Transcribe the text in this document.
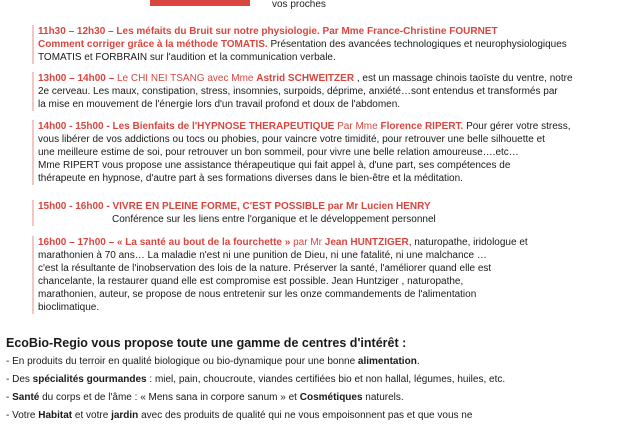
vos proches
11h30 – 12h30 – Les méfaits du Bruit sur notre physiologie. Par Mme France-Christine FOURNET
Comment corriger grâce à la méthode TOMATIS. Présentation des avancées technologiques et neurophysiologiques
TOMATIS et FORBRAIN sur l'audition et la communication verbale.
13h00 – 14h00 – Le CHI NEI TSANG avec Mme Astrid SCHWEITZER , est un massage chinois taoïste du ventre, notre
2e cerveau. Les maux, constipation, stress, insomnies, surpoids, déprime, anxiété…sont entendus et transformés par
la mise en mouvement de l'énergie lors d'un travail profond et doux de l'abdomen.
14h00 - 15h00 - Les Bienfaits de l'HYPNOSE THERAPEUTIQUE Par Mme Florence RIPERT. Pour gérer votre stress,
vous libérer de vos addictions ou tocs ou phobies, pour vaincre votre timidité, pour retrouver une belle silhouette et
une meilleure estime de soi, pour retrouver un bon sommeil, pour vivre une belle relation amoureuse….etc…
Mme RIPERT vous propose une assistance thérapeutique qui fait appel à, d'une part, ses compétences de
thérapeute en hypnose, d'autre part à ses formations diverses dans le bien-être et la méditation.
15h00 - 16h00 - VIVRE EN PLEINE FORME, C'EST POSSIBLE par Mr Lucien HENRY
Conférence sur les liens entre l'organique et le développement personnel
16h00 – 17h00 – « La santé au bout de la fourchette » par Mr Jean HUNTZIGER, naturopathe, iridologue et
marathonien à 70 ans… La maladie n'est ni une punition de Dieu, ni une fatalité, ni une malchance …
c'est la résultante de l'inobservation des lois de la nature. Préserver la santé, l'améliorer quand elle est
chancelante, la restaurer quand elle est compromise est possible. Jean Huntziger , naturopathe,
marathonien, auteur, se propose de nous entretenir sur les onze commandements de l'alimentation
bioclimatique.
EcoBio-Regio vous propose toute une gamme de centres d'intérêt :
- En produits du terroir en qualité biologique ou bio-dynamique pour une bonne alimentation.
- Des spécialités gourmandes : miel, pain, choucroute, viandes certifiées bio et non hallal, légumes, huiles, etc.
- Santé du corps et de l'âme : « Mens sana in corpore sanum » et Cosmétiques naturels.
- Votre Habitat et votre jardin avec des produits de qualité qui ne vous empoisonnent pas et que vous ne
